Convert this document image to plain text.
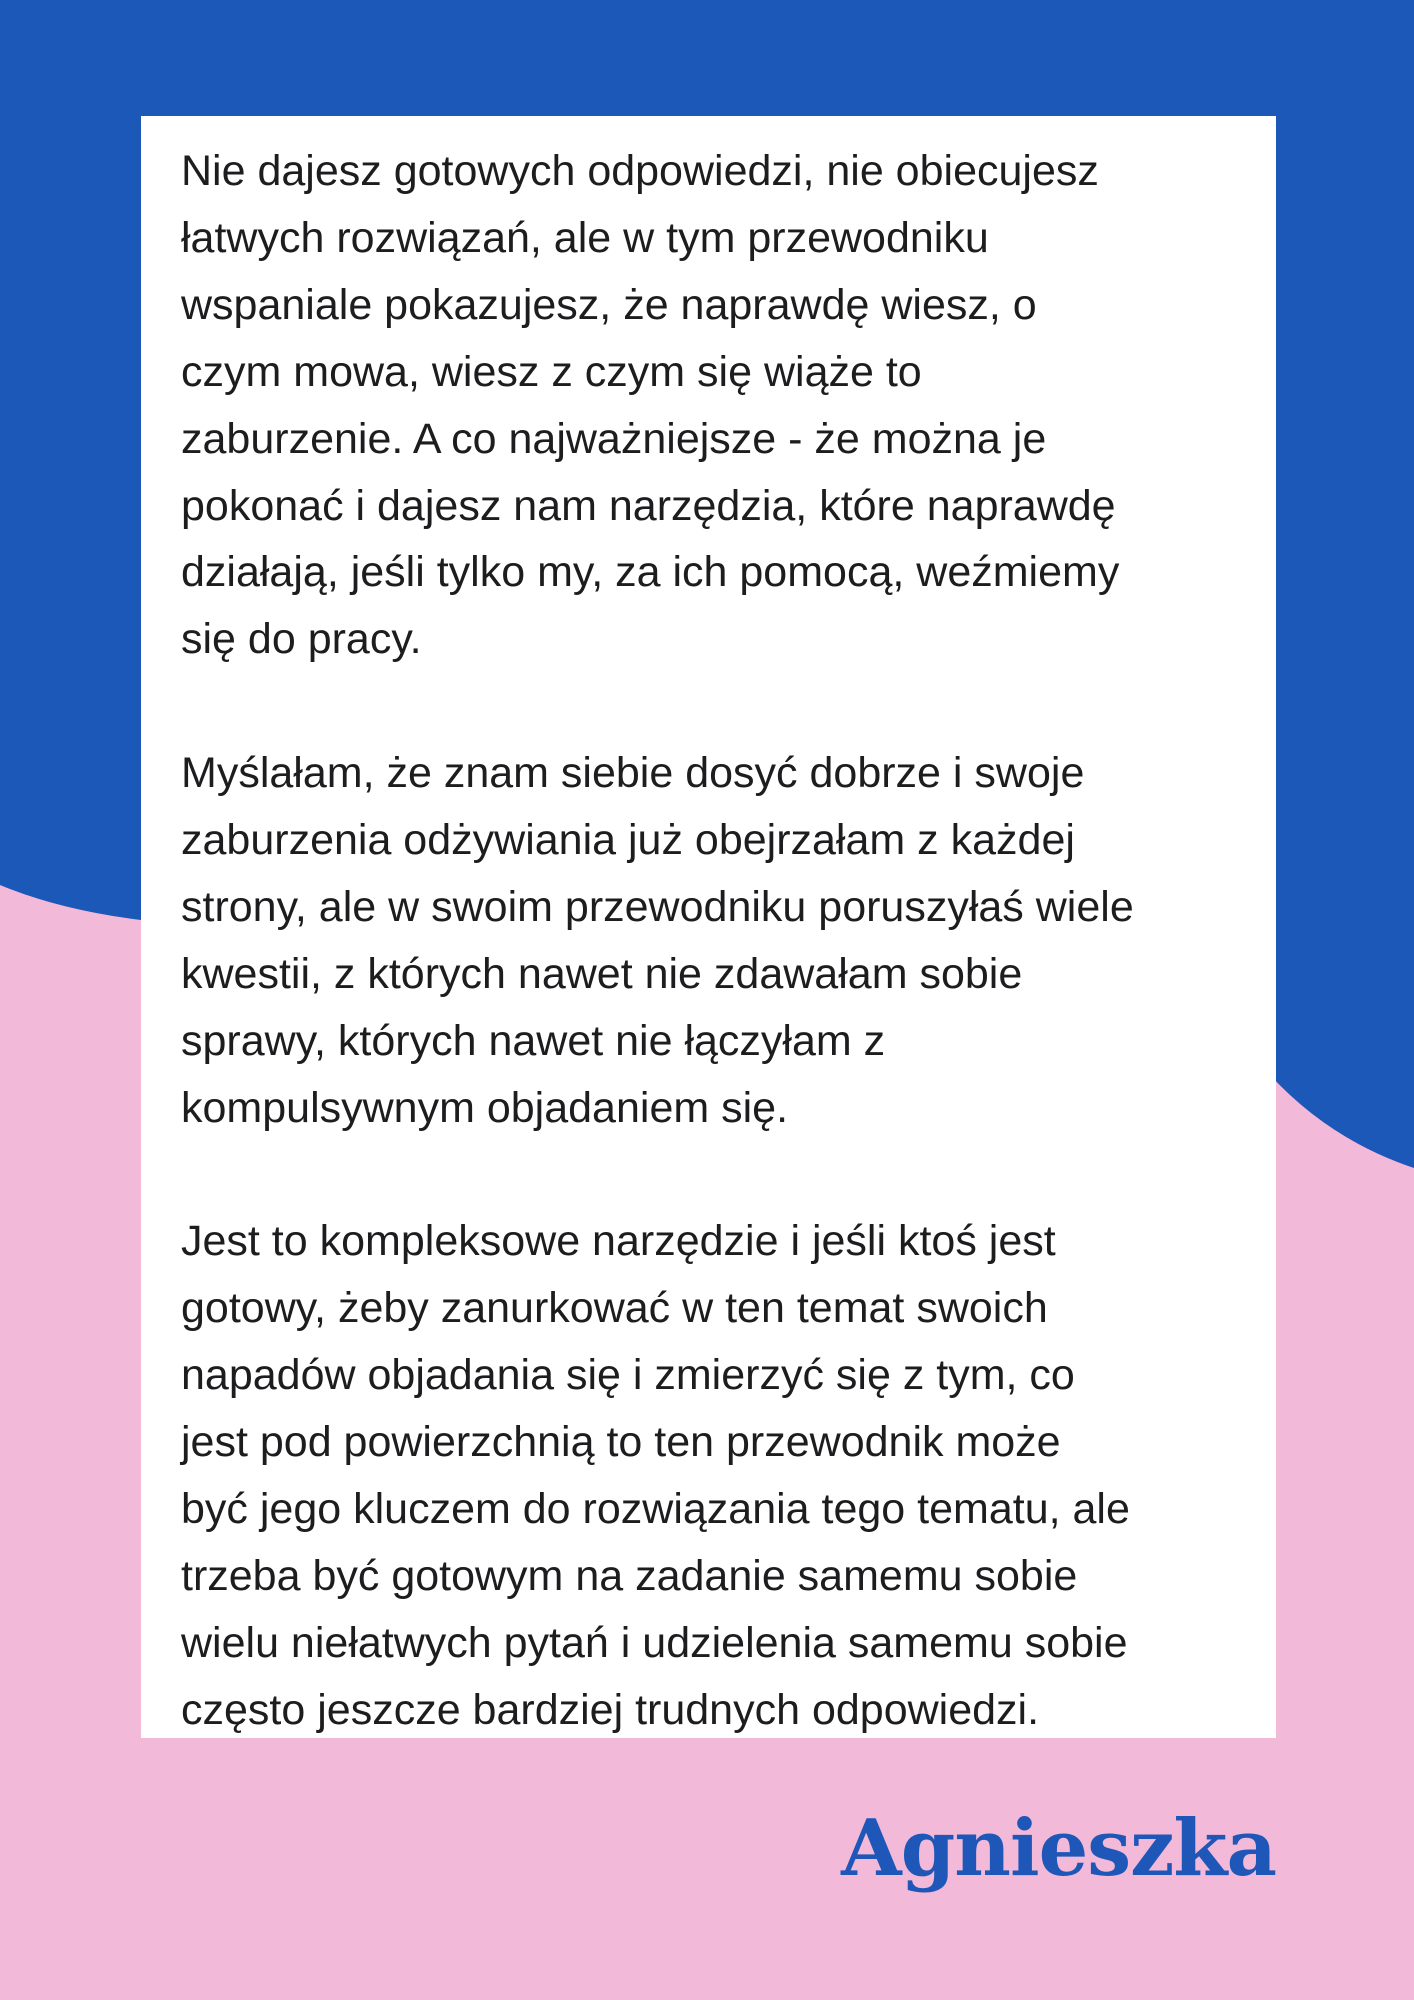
Nie dajesz gotowych odpowiedzi, nie obiecujesz
łatwych rozwiązań, ale w tym przewodniku
wspaniale pokazujesz, że naprawdę wiesz, o
czym mowa, wiesz z czym się wiąże to
zaburzenie. A co najważniejsze - że można je
pokonać i dajesz nam narzędzia, które naprawdę
działają, jeśli tylko my, za ich pomocą, weźmiemy
się do pracy.

Myślałam, że znam siebie dosyć dobrze i swoje
zaburzenia odżywiania już obejrzałam z każdej
strony, ale w swoim przewodniku poruszyłaś wiele
kwestii, z których nawet nie zdawałam sobie
sprawy, których nawet nie łączyłam z
kompulsywnym objadaniem się.

Jest to kompleksowe narzędzie i jeśli ktoś jest
gotowy, żeby zanurkować w ten temat swoich
napadów objadania się i zmierzyć się z tym, co
jest pod powierzchnią to ten przewodnik może
być jego kluczem do rozwiązania tego tematu, ale
trzeba być gotowym na zadanie samemu sobie
wielu niełatwych pytań i udzielenia samemu sobie
często jeszcze bardziej trudnych odpowiedzi.

Agnieszka
